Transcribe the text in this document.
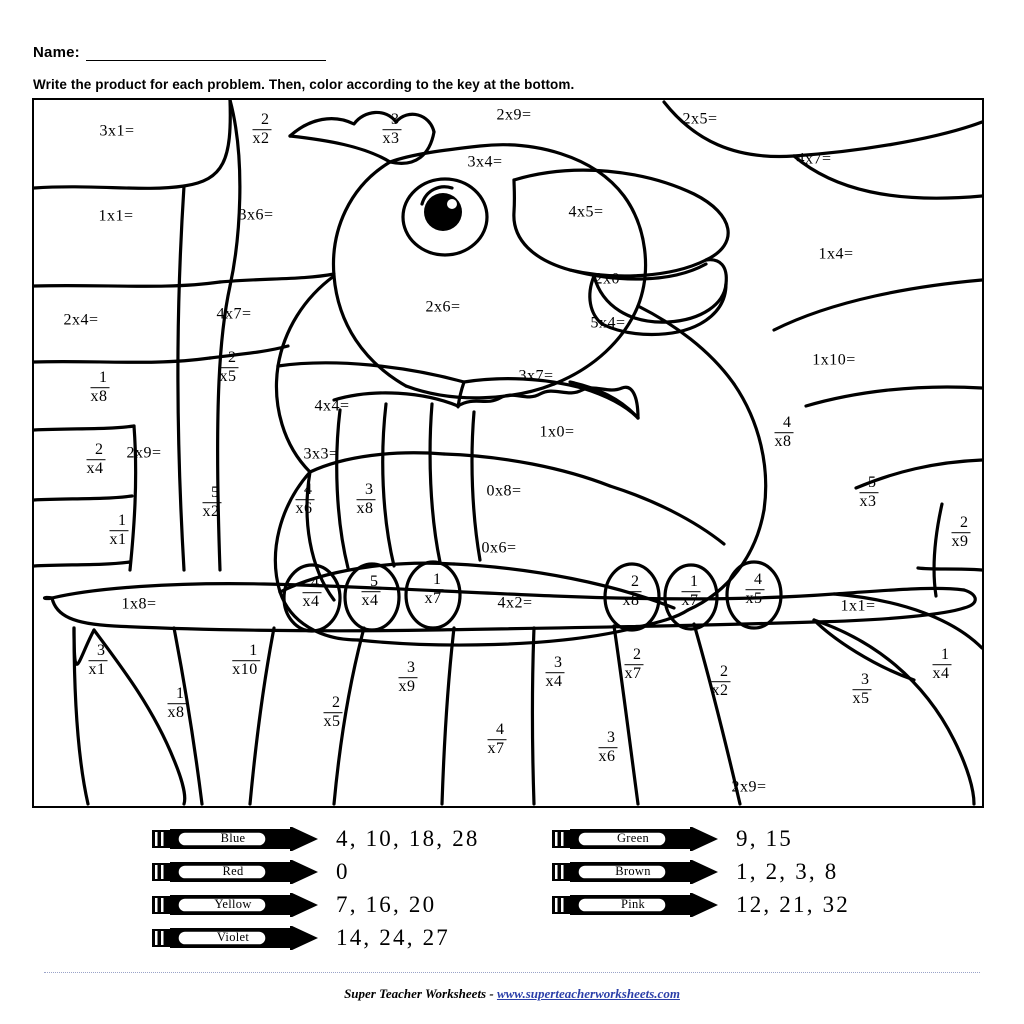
Name:
Write the product for each problem. Then, color according to the key at the bottom.
3x1=
2
x2
3
x3
2x9=	2x5=
3x4=	4x7=
1x1=	3x6=	4x5=
1x4=
2x0=
2x4=	4x7=	2x6=
5x4=
1x10=
2
x5
1
x8
3x7=
4x4=
1x0=
4
x8
2
x4
2x9=	3x3=
0x8=	5
x3
5
x2
4
x6
3
x8
2
x9
1
x1
0x6=
1x8=
4
x4
5
x4
1
x7	4x2=
2
x8
1
x7
4
x5	1x1=
3
x1
1
x10	3
x9
3
x4
2
x7	2
x2
1
x4
3
x5
1
x8
2
x5	4
x7
3
x6
2x9=
Blue	4, 10, 18, 28
Red	0
Yellow	7, 16, 20
Violet	14, 24, 27
Green	9, 15
Brown	1, 2, 3, 8
Pink	12, 21, 32
Super Teacher Worksheets - www.superteacherworksheets.com
